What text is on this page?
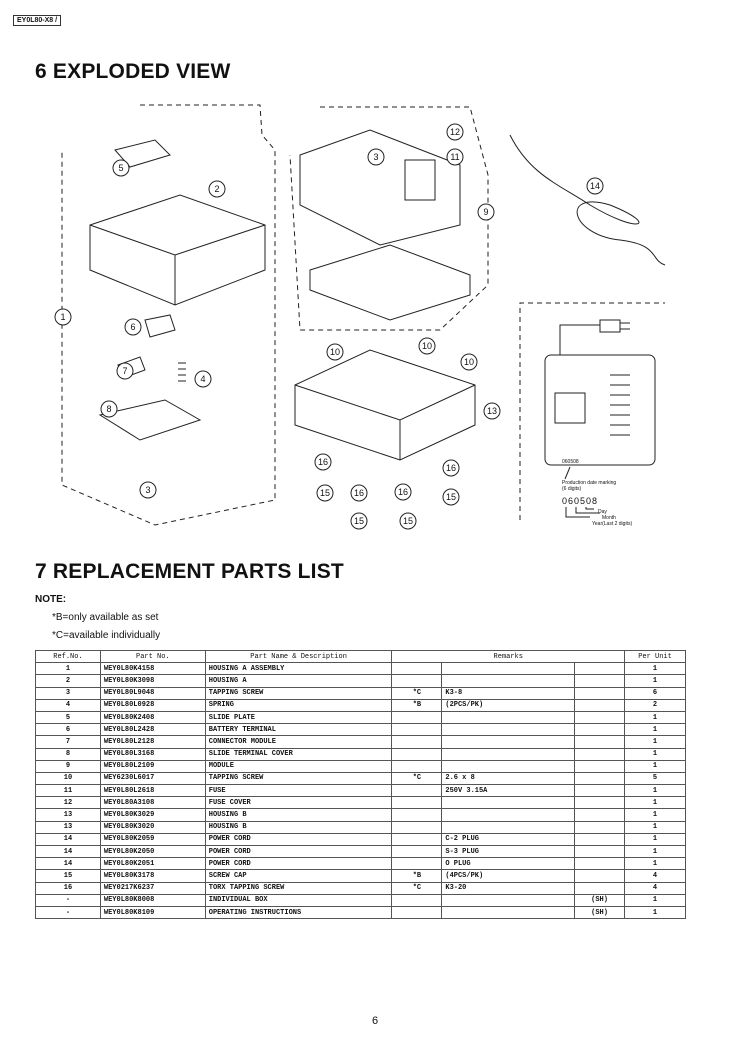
EY0L80-X8 /
6 EXPLODED VIEW
060508
Production date marking
(6 digits)
060508
Day
Month
Year(Last 2 digits)
5
2
1
6
7
4
8
3
3
12
11
9
14
10
10
10
13
16
15	16	16
16
15
15	15
7 REPLACEMENT PARTS LIST
NOTE:
*B=only available as set
*C=available individually
Ref.No.	Part No.	Part Name & Description	Remarks			Per Unit
1	WEY0L80K4158	HOUSING A ASSEMBLY				1
2	WEY0L80K3098	HOUSING A				1
3	WEY0L80L9048	TAPPING SCREW	*C	K3-8		6
4	WEY0L80L0928	SPRING	*B	(2PCS/PK)		2
5	WEY0L80K2408	SLIDE PLATE				1
6	WEY0L80L2428	BATTERY TERMINAL				1
7	WEY0L80L2128	CONNECTOR MODULE				1
8	WEY0L80L3168	SLIDE TERMINAL COVER				1
9	WEY0L80L2109	MODULE				1
10	WEY6230L6017	TAPPING SCREW	*C	2.6 x 8		5
11	WEY0L80L2618	FUSE		250V 3.15A		1
12	WEY0L80A3108	FUSE COVER				1
13	WEY0L80K3029	HOUSING B				1
13	WEY0L80K3020	HOUSING B				1
14	WEY0L80K2059	POWER CORD		C-2 PLUG		1
14	WEY0L80K2050	POWER CORD		S-3 PLUG		1
14	WEY0L80K2051	POWER CORD		O PLUG		1
15	WEY0L80K3178	SCREW CAP	*B	(4PCS/PK)		4
16	WEY0217K6237	TORX TAPPING SCREW	*C	K3-20		4
-	WEY0L80K8008	INDIVIDUAL BOX			(SH)	1
-	WEY0L80K8109	OPERATING INSTRUCTIONS			(SH)	1
6
